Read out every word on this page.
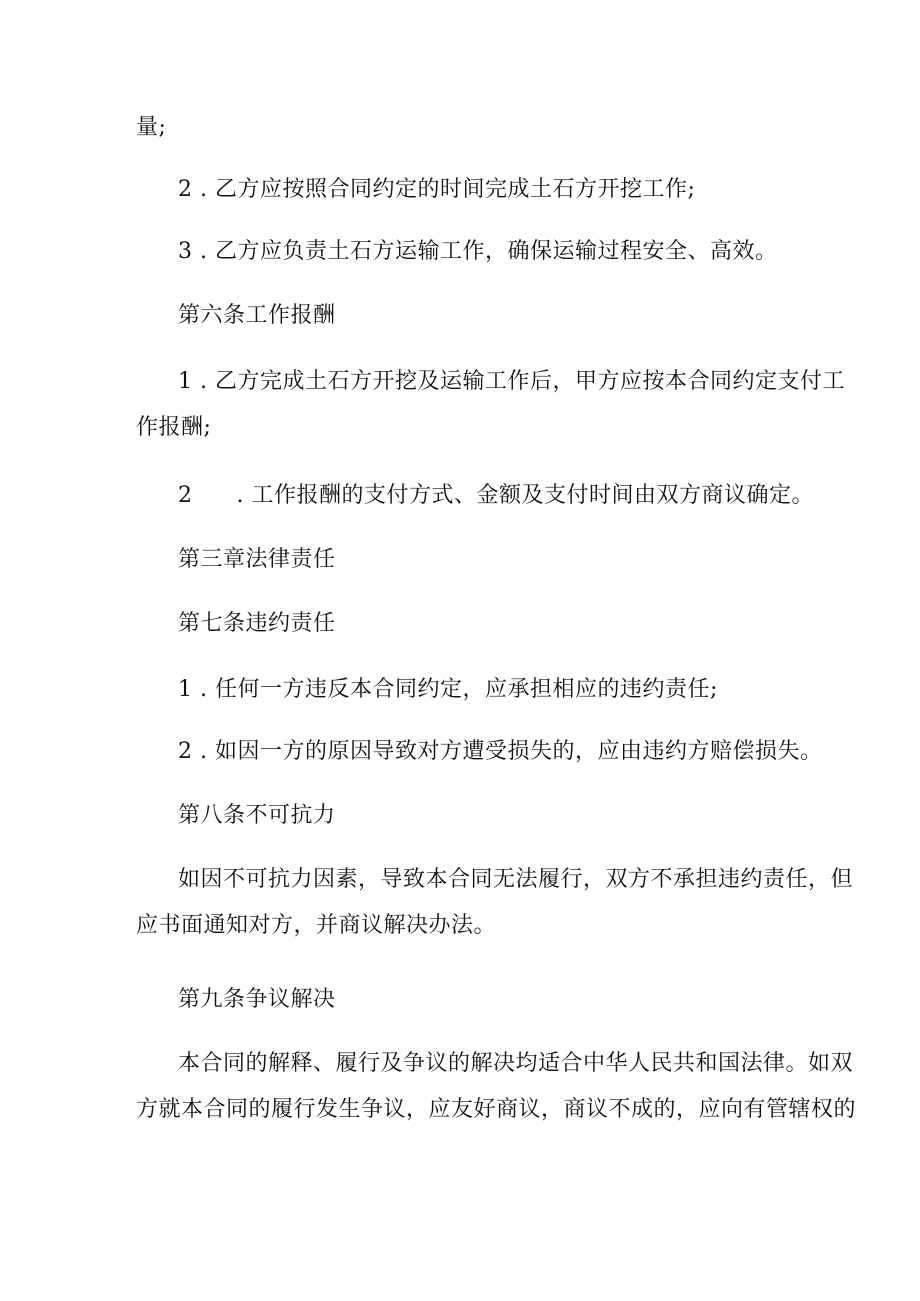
量;
2 . 乙方应按照合同约定的时间完成土石方开挖工作;
3 . 乙方应负责土石方运输工作，确保运输过程安全、高效。
第六条工作报酬
1 . 乙方完成土石方开挖及运输工作后，甲方应按本合同约定支付工
作报酬;
2 . 工作报酬的支付方式、金额及支付时间由双方商议确定。
第三章法律责任
第七条违约责任
1 . 任何一方违反本合同约定，应承担相应的违约责任;
2 . 如因一方的原因导致对方遭受损失的，应由违约方赔偿损失。
第八条不可抗力
如因不可抗力因素，导致本合同无法履行，双方不承担违约责任，但
应书面通知对方，并商议解决办法。
第九条争议解决
本合同的解释、履行及争议的解决均适合中华人民共和国法律。如双
方就本合同的履行发生争议，应友好商议，商议不成的，应向有管辖权的
